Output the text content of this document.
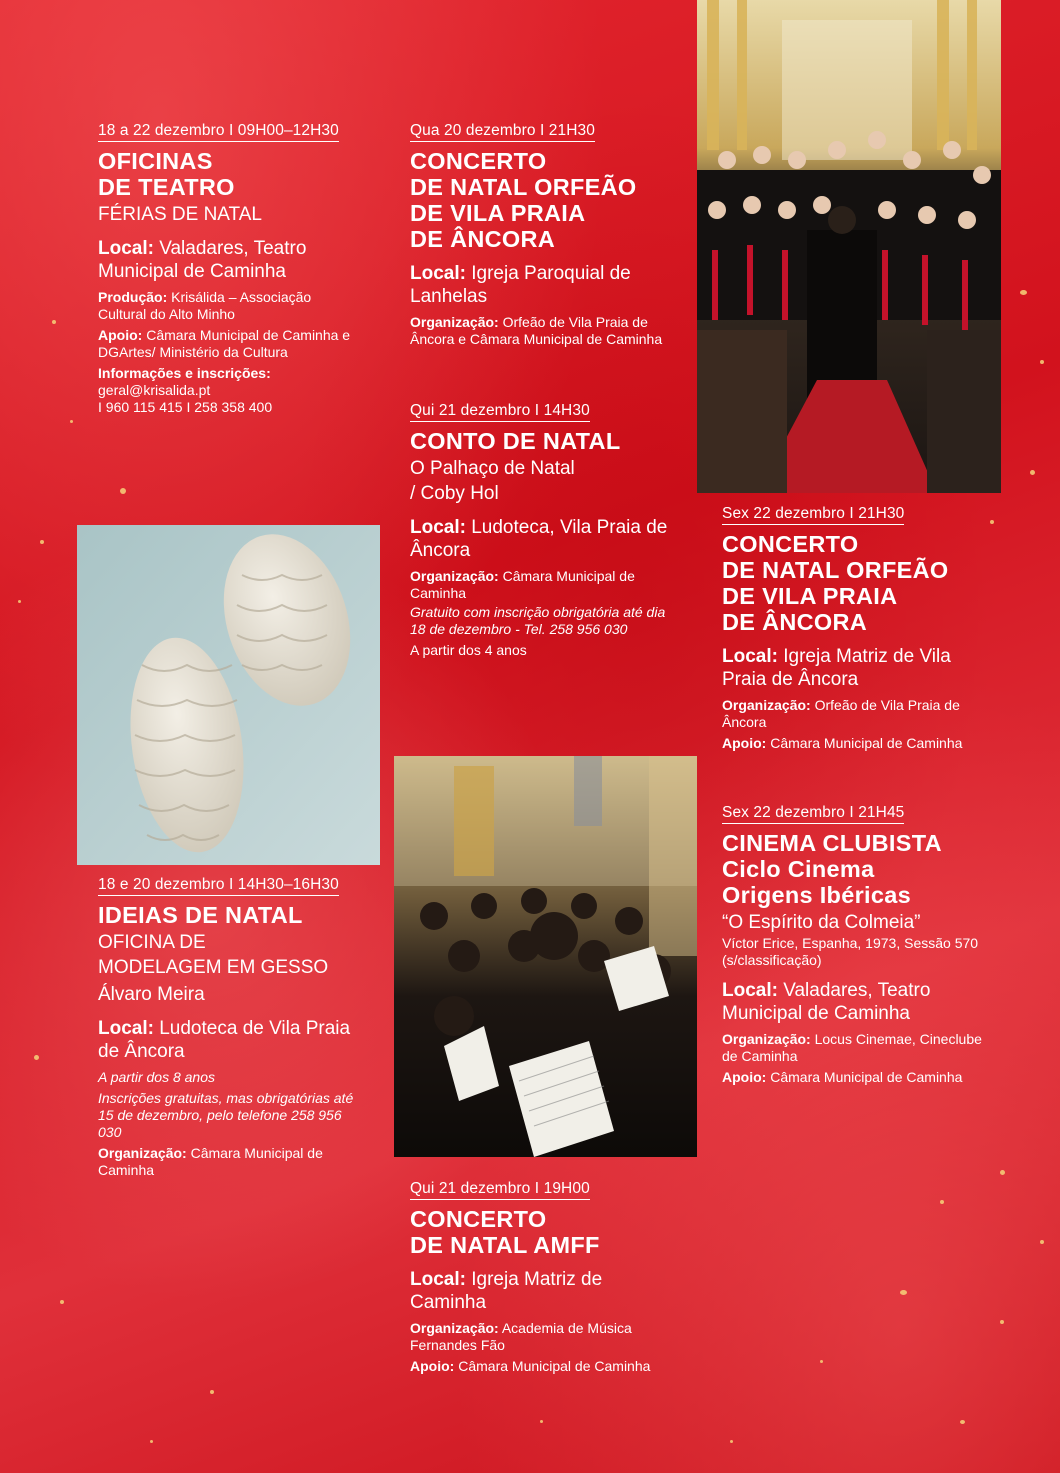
18 a 22 dezembro I 09H00–12H30
OFICINAS
DE TEATRO
FÉRIAS DE NATAL
Local: Valadares, Teatro Municipal de Caminha
Produção: Krisálida – Associação Cultural do Alto Minho
Apoio: Câmara Municipal de Caminha e DGArtes/ Ministério da Cultura
Informações e inscrições: geral@krisalida.pt
I 960 115 415 I 258 358 400
18 e 20 dezembro I 14H30–16H30
IDEIAS DE NATAL
OFICINA DE
MODELAGEM EM GESSO
Álvaro Meira
Local: Ludoteca de Vila Praia de Âncora
A partir dos 8 anos
Inscrições gratuitas, mas obrigatórias até 15 de dezembro, pelo telefone 258 956 030
Organização: Câmara Municipal de Caminha
Qua 20 dezembro I 21H30
CONCERTO
DE NATAL ORFEÃO
DE VILA PRAIA
DE ÂNCORA
Local: Igreja Paroquial de Lanhelas
Organização: Orfeão de Vila Praia de Âncora e Câmara Municipal de Caminha
Qui 21 dezembro I 14H30
CONTO DE NATAL
O Palhaço de Natal
/ Coby Hol
Local: Ludoteca, Vila Praia de Âncora
Organização: Câmara Municipal de Caminha
Gratuito com inscrição obrigatória até dia 18 de dezembro - Tel. 258 956 030
A partir dos 4 anos
Qui 21 dezembro I 19H00
CONCERTO
DE NATAL AMFF
Local: Igreja Matriz de Caminha
Organização: Academia de Música Fernandes Fão
Apoio: Câmara Municipal de Caminha
Sex 22 dezembro I 21H30
CONCERTO
DE NATAL ORFEÃO
DE VILA PRAIA
DE ÂNCORA
Local: Igreja Matriz de Vila Praia de Âncora
Organização: Orfeão de Vila Praia de Âncora
Apoio: Câmara Municipal de Caminha
Sex 22 dezembro I 21H45
CINEMA CLUBISTA
Ciclo Cinema
Origens Ibéricas
“O Espírito da Colmeia”
Víctor Erice, Espanha, 1973, Sessão 570
(s/classificação)
Local: Valadares, Teatro Municipal de Caminha
Organização: Locus Cinemae, Cineclube de Caminha
Apoio: Câmara Municipal de Caminha
